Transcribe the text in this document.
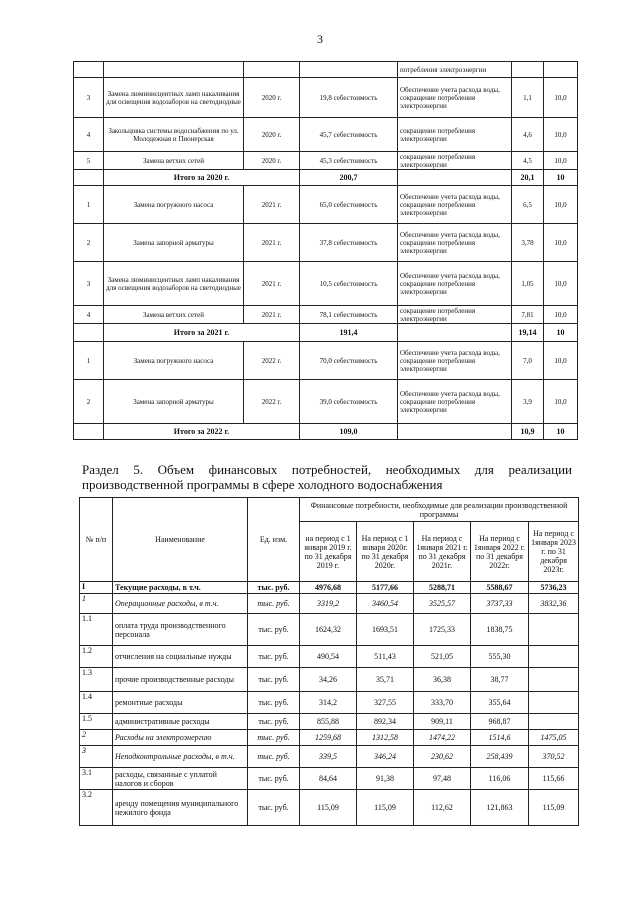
3
				потребления электроэнергии		
3	Замена люминисцентных ламп накаливания для освещения водозаборов на светодиодные	2020 г.	19,8 себестоимость	Обеспечение учета расхода воды, сокращение потребления электроэнергии	1,1	10,0
4	Закольцовка системы водоснабжения по ул. Молодежная и Пионерская	2020 г.	45,7 себестоимость	сокращение потребления электроэнергии	4,6	10,0
5	Замена ветхих сетей	2020 г.	45,3 себестоимость	сокращение потребления электроэнергии	4,5	10,0
	Итого за 2020 г.		200,7		20,1	10
1	Замена погружного насоса	2021 г.	65,0 себестоимость	Обеспечение учета расхода воды, сокращение потребления электроэнергии	6,5	10,0
2	Замена запорной арматуры	2021 г.	37,8 себестоимость	Обеспечение учета расхода воды, сокращение потребления электроэнергии	3,78	10,0
3	Замена люминисцентных ламп накаливания для освещения водозаборов на светодиодные	2021 г.	10,5 себестоимость	Обеспечение учета расхода воды, сокращение потребления электроэнергии	1,05	10,0
4	Замена ветхих сетей	2021 г.	78,1 себестоимость	сокращение потребления электроэнергии	7,81	10,0
	Итого за 2021 г.		191,4		19,14	10
1	Замена погружного насоса	2022 г.	70,0 себестоимость	Обеспечение учета расхода воды, сокращение потребления электроэнергии	7,0	10,0
2	Замена запорной арматуры	2022 г.	39,0 себестоимость	Обеспечение учета расхода воды, сокращение потребления электроэнергии	3,9	10,0
	Итого за 2022 г.		109,0		10,9	10
Раздел 5. Объем финансовых потребностей, необходимых для реализации производственной программы в сфере холодного водоснабжения
№ п/п	Наименование	Ед. изм.	Финансовые потребности, необходимые для реализации производственной программы				
			на период с 1 января 2019 г. по 31 декабря 2019 г.	На период с 1 января 2020г. по 31 декабря 2020г.	На период с 1января 2021 г. по 31 декабря 2021г.	На период с 1января 2022 г. по 31 декабря 2022г.	На период с 1января 2023 г. по 31 декабря 2023г.
I	Текущие расходы, в т.ч.	тыс. руб.	4976,68	5177,66	5288,71	5588,67	5736,23
1	Операционные расходы, в т.ч.	тыс. руб.	3319,2	3460,54	3525,57	3737,33	3832,36
1.1	оплата труда производственного персонала	тыс. руб.	1624,32	1693,51	1725,33	1838,75	
1.2	отчисления на социальные нужды	тыс. руб.	490,54	511,43	521,05	555,30	
1.3	прочие производственные расходы	тыс. руб.	34,26	35,71	36,38	38,77	
1.4	ремонтные расходы	тыс. руб.	314,2	327,55	333,70	355,64	
1.5	административные расходы	тыс. руб.	855,88	892,34	909,11	968,87	
2	Расходы на электроэнергию	тыс. руб.	1259,68	1312,58	1474,22	1514,6	1475,05
3	Неподконтрольные расходы, в т.ч.	тыс. руб.	339,5	346,24	230,62	258,439	370,52
3.1	расходы, связанные с уплатой налогов и сборов	тыс. руб.	84,64	91,38	97,48	116,06	115,66
3.2	аренду помещения муниципального нежилого фонда	тыс. руб.	115,09	115,09	112,62	121,863	115,09
